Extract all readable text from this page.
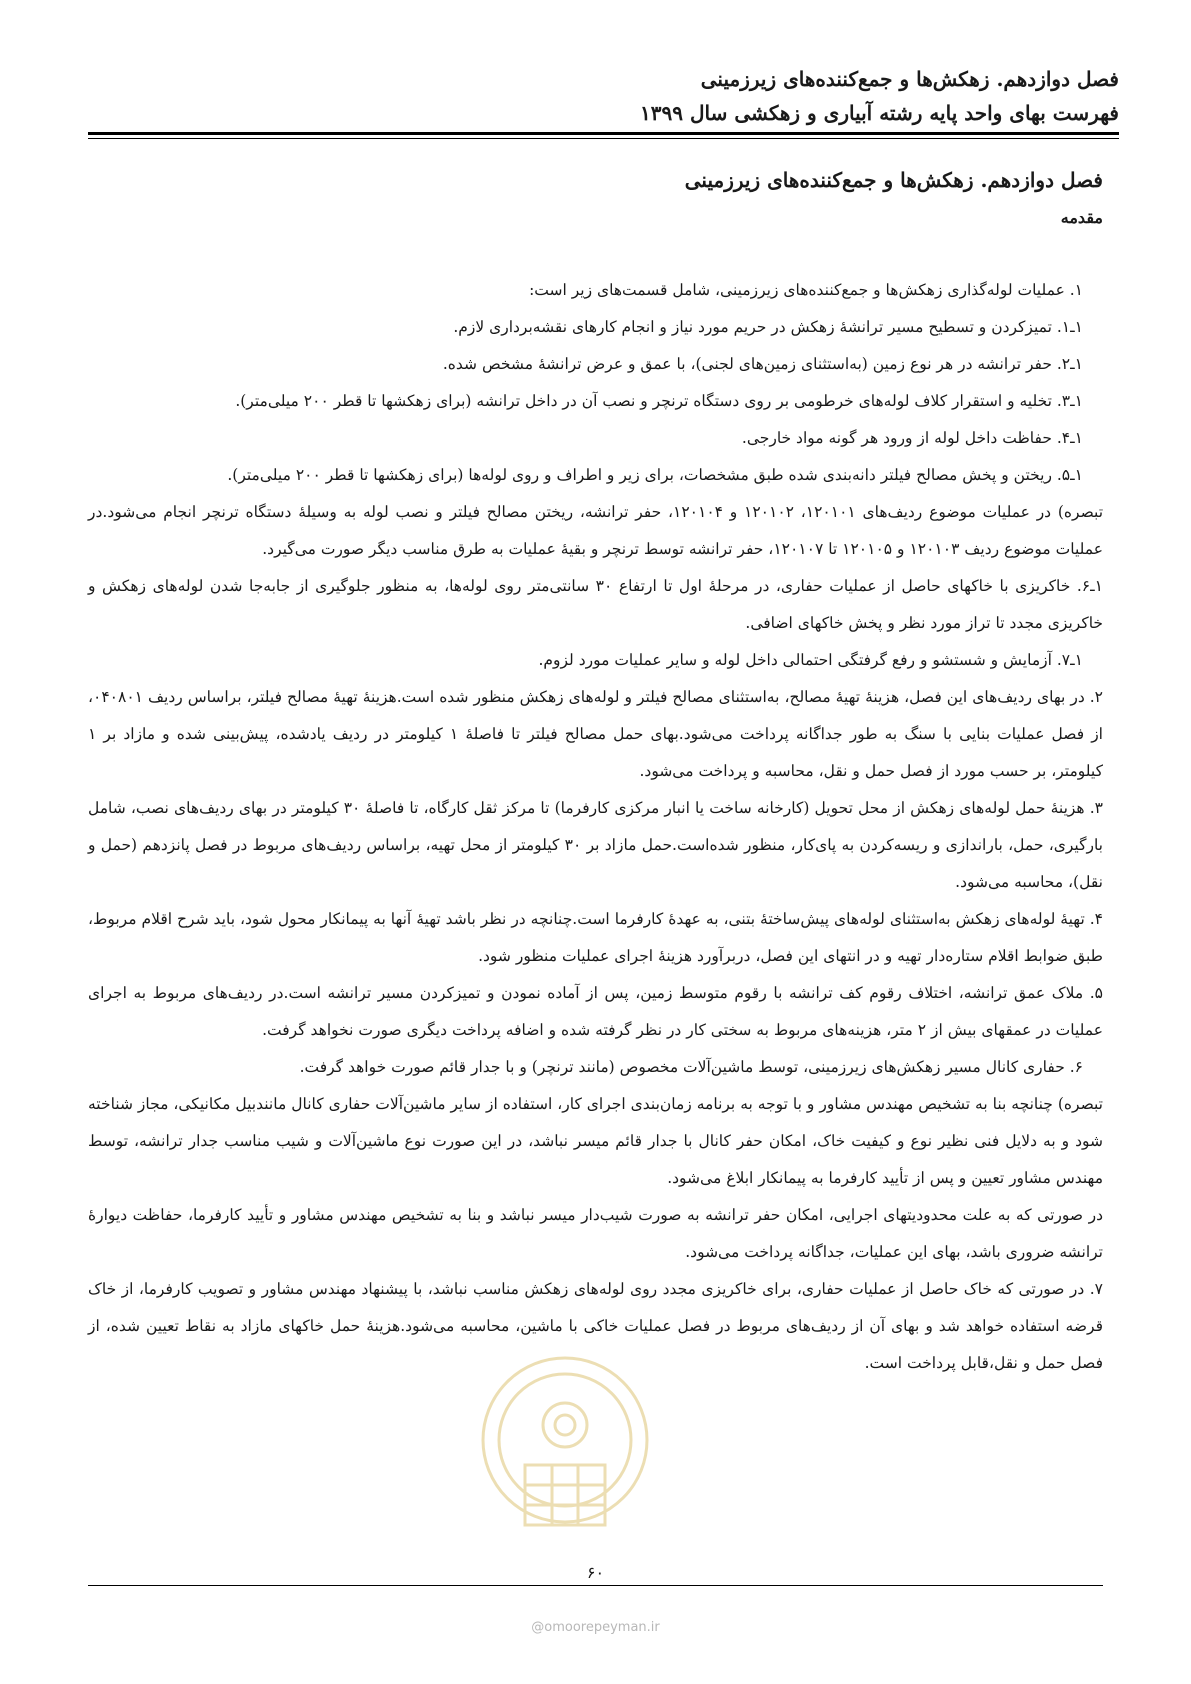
فصل دوازدهم. زهکش‌ها و جمع‌کننده‌های زیرزمینی
فهرست بهای واحد پایه رشته آبیاری و زهکشی سال ۱۳۹۹
فصل دوازدهم. زهکش‌ها و جمع‌کننده‌های زیرزمینی
مقدمه

۱. عملیات لوله‌گذاری زهکش‌ها و جمع‌کننده‌های زیرزمینی، شامل قسمت‌های زیر است:

۱ـ۱. تمیزکردن و تسطیح مسیر ترانشهٔ زهکش در حریم مورد نیاز و انجام کارهای نقشه‌برداری لازم.

۱ـ۲. حفر ترانشه در هر نوع زمین (به‌استثنای زمین‌های لجنی)، با عمق و عرض ترانشهٔ مشخص شده.

۱ـ۳. تخلیه و استقرار کلاف لوله‌های خرطومی بر روی دستگاه ترنچر و نصب آن در داخل ترانشه (برای زهکشها تا قطر ۲۰۰ میلی‌متر).

۱ـ۴. حفاظت داخل لوله از ورود هر گونه مواد خارجی.

۱ـ۵. ریختن و پخش مصالح فیلتر دانه‌بندی شده طبق مشخصات، برای زیر و اطراف و روی لوله‌ها (برای زهکشها تا قطر ۲۰۰ میلی‌متر).

تبصره) در عملیات موضوع ردیف‌های ۱۲۰۱۰۱، ۱۲۰۱۰۲ و ۱۲۰۱۰۴، حفر ترانشه، ریختن مصالح فیلتر و نصب لوله به وسیلهٔ دستگاه ترنچر انجام می‌شود.در عملیات موضوع ردیف ۱۲۰۱۰۳ و ۱۲۰۱۰۵ تا ۱۲۰۱۰۷، حفر ترانشه توسط ترنچر و بقیهٔ عملیات به طرق مناسب دیگر صورت می‌گیرد.

۱ـ۶. خاکریزی با خاکهای حاصل از عملیات حفاری، در مرحلهٔ اول تا ارتفاع ۳۰ سانتی‌متر روی لوله‌ها، به منظور جلوگیری از جابه‌جا شدن لوله‌های زهکش و خاکریزی مجدد تا تراز مورد نظر و پخش خاکهای اضافی.

۱ـ۷. آزمایش و شستشو و رفع گرفتگی احتمالی داخل لوله و سایر عملیات مورد لزوم.

۲. در بهای ردیف‌های این فصل، هزینهٔ تهیهٔ مصالح، به‌استثنای مصالح فیلتر و لوله‌های زهکش منظور شده است.هزینهٔ تهیهٔ مصالح فیلتر، براساس ردیف ۰۴۰۸۰۱، از فصل عملیات بنایی با سنگ به طور جداگانه پرداخت می‌شود.بهای حمل مصالح فیلتر تا فاصلهٔ ۱ کیلومتر در ردیف یادشده، پیش‌بینی شده و مازاد بر ۱ کیلومتر، بر حسب مورد از فصل حمل و نقل، محاسبه و پرداخت می‌شود.

۳. هزینهٔ حمل لوله‌های زهکش از محل تحویل (کارخانه ساخت یا انبار مرکزی کارفرما) تا مرکز ثقل کارگاه، تا فاصلهٔ ۳۰ کیلومتر در بهای ردیف‌های نصب، شامل بارگیری، حمل، باراندازی و ریسه‌کردن به پای‌کار، منظور شده‌است.حمل مازاد بر ۳۰ کیلومتر از محل تهیه، براساس ردیف‌های مربوط در فصل پانزدهم (حمل و نقل)، محاسبه می‌شود.

۴. تهیهٔ لوله‌های زهکش به‌استثنای لوله‌های پیش‌ساختهٔ بتنی، به عهدهٔ کارفرما است.چنانچه در نظر باشد تهیهٔ آنها به پیمانکار محول شود، باید شرح اقلام مربوط، طبق ضوابط اقلام ستاره‌دار تهیه و در انتهای این فصل، دربرآورد هزینهٔ اجرای عملیات منظور شود.

۵. ملاک عمق ترانشه، اختلاف رقوم کف ترانشه با رقوم متوسط زمین، پس از آماده نمودن و تمیزکردن مسیر ترانشه است.در ردیف‌های مربوط به اجرای عملیات در عمقهای بیش از ۲ متر، هزینه‌های مربوط به سختی کار در نظر گرفته شده و اضافه پرداخت دیگری صورت نخواهد گرفت.

۶. حفاری کانال مسیر زهکش‌های زیرزمینی، توسط ماشین‌آلات مخصوص (مانند ترنچر) و با جدار قائم صورت خواهد گرفت.

تبصره) چنانچه بنا به تشخیص مهندس مشاور و با توجه به برنامه زمان‌بندی اجرای کار، استفاده از سایر ماشین‌آلات حفاری کانال مانندبیل مکانیکی، مجاز شناخته شود و به دلایل فنی نظیر نوع و کیفیت خاک، امکان حفر کانال با جدار قائم میسر نباشد، در این صورت نوع ماشین‌آلات و شیب مناسب جدار ترانشه، توسط مهندس مشاور تعیین و پس از تأیید کارفرما به پیمانکار ابلاغ می‌شود.

در صورتی که به علت محدودیتهای اجرایی، امکان حفر ترانشه به صورت شیب‌دار میسر نباشد و بنا به تشخیص مهندس مشاور و تأیید کارفرما، حفاظت دیوارهٔ ترانشه ضروری باشد، بهای این عملیات، جداگانه پرداخت می‌شود.

۷. در صورتی که خاک حاصل از عملیات حفاری، برای خاکریزی مجدد روی لوله‌های زهکش مناسب نباشد، با پیشنهاد مهندس مشاور و تصویب کارفرما، از خاک قرضه استفاده خواهد شد و بهای آن از ردیف‌های مربوط در فصل عملیات خاکی با ماشین، محاسبه می‌شود.هزینهٔ حمل خاکهای مازاد به نقاط تعیین شده، از فصل حمل و نقل،قابل پرداخت است.

۶۰
@omoorepeyman.ir
